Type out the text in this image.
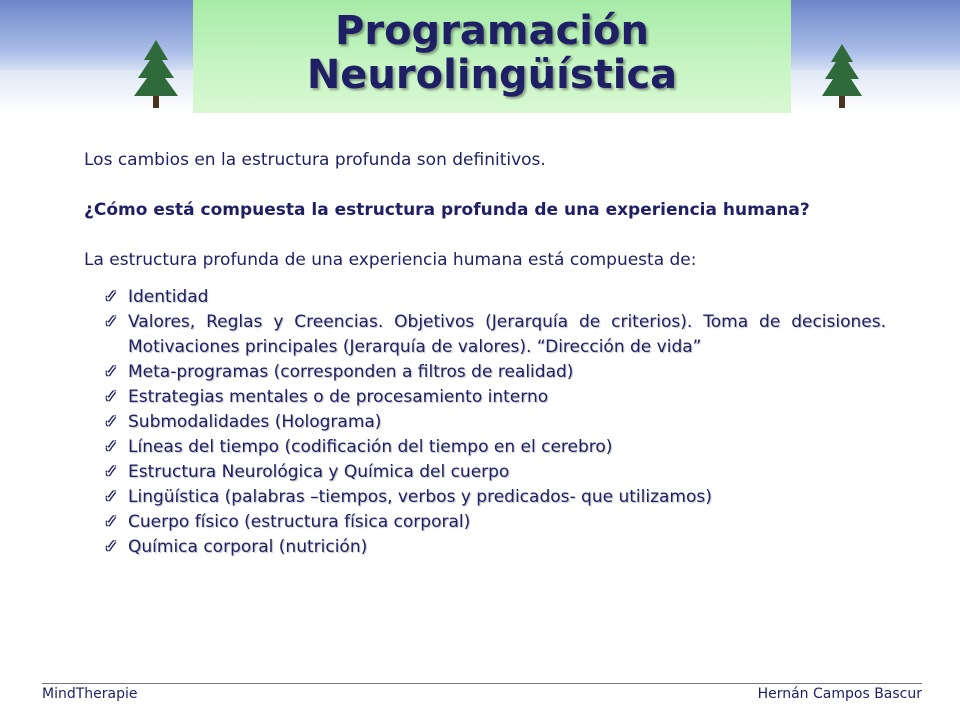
Programación
Neurolingüística

Los cambios en la estructura profunda son definitivos.

¿Cómo está compuesta la estructura profunda de una experiencia humana?

La estructura profunda de una experiencia humana está compuesta de:

✓ Identidad
✓ Valores, Reglas y Creencias. Objetivos (Jerarquía de criterios). Toma de decisiones. Motivaciones principales (Jerarquía de valores). “Dirección de vida”
✓ Meta-programas (corresponden a filtros de realidad)
✓ Estrategias mentales o de procesamiento interno
✓ Submodalidades (Holograma)
✓ Líneas del tiempo (codificación del tiempo en el cerebro)
✓ Estructura Neurológica y Química del cuerpo
✓ Lingüística (palabras –tiempos, verbos y predicados- que utilizamos)
✓ Cuerpo físico (estructura física corporal)
✓ Química corporal (nutrición)
MindTherapie	Hernán Campos Bascur
